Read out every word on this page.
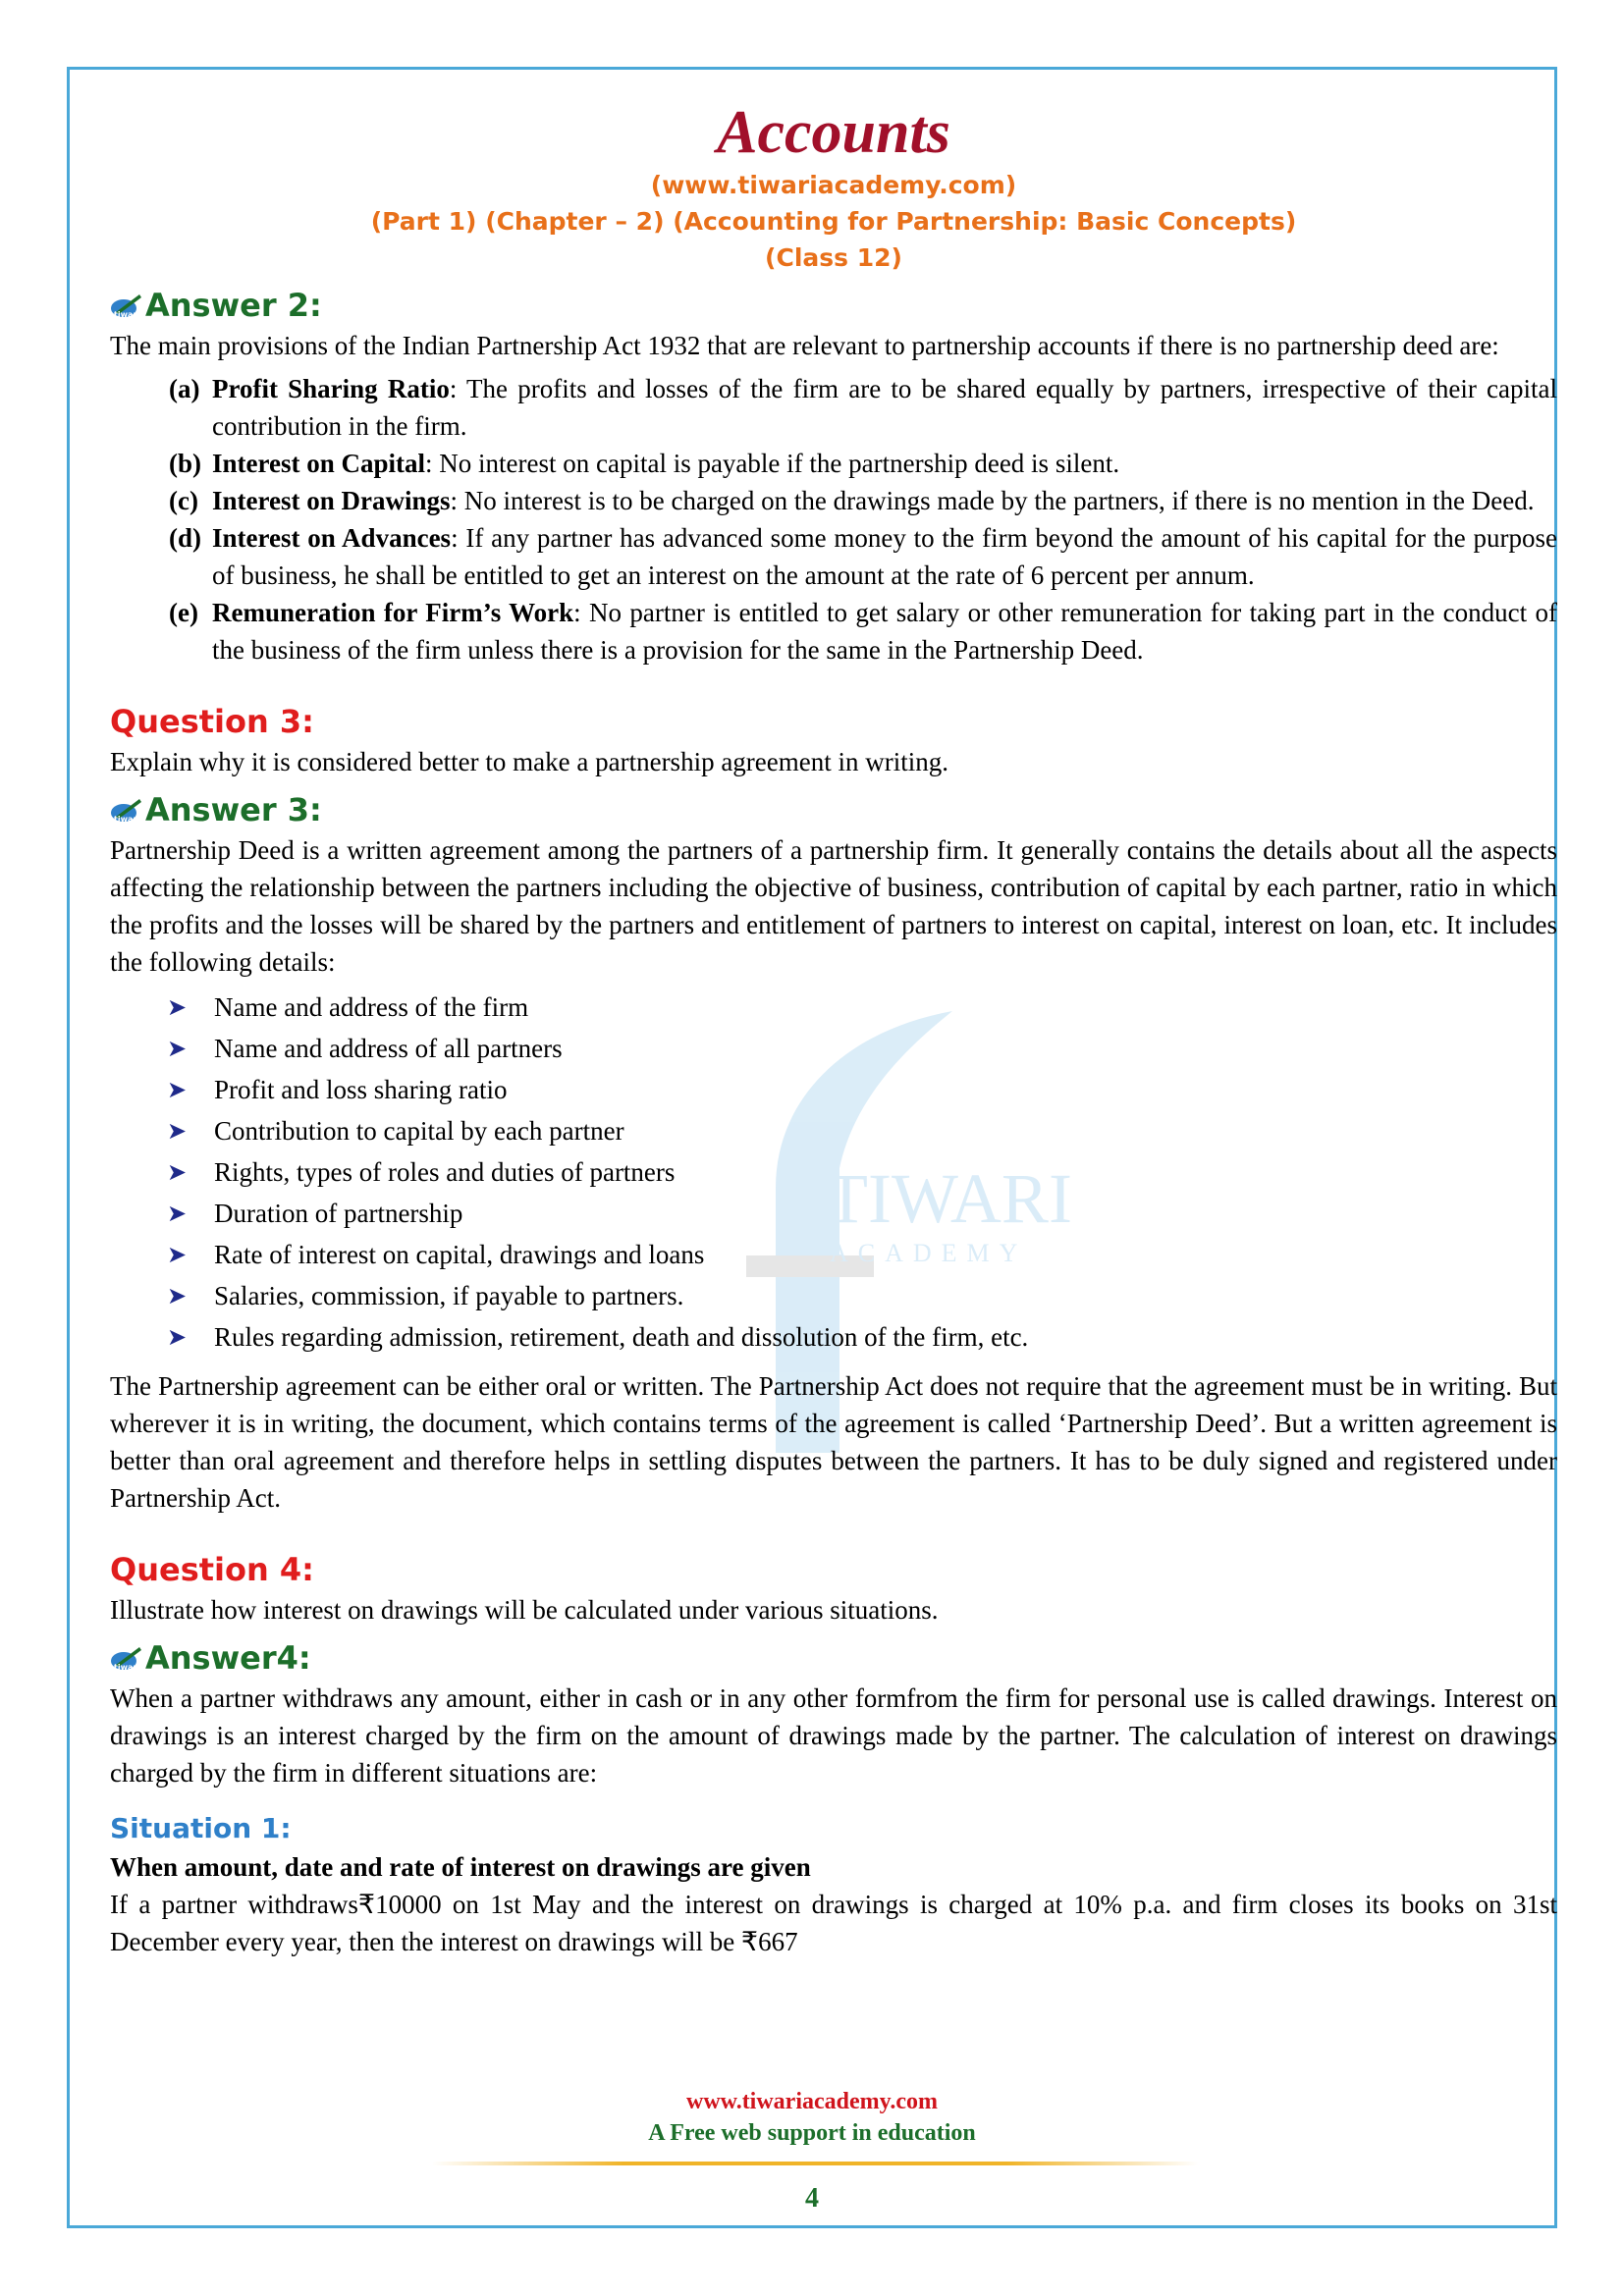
TIWARI
ACADEMY
Accounts
(www.tiwariacademy.com)
(Part 1) (Chapter – 2) (Accounting for Partnership: Basic Concepts)
(Class 12)
tiwari Answer 2:

The main provisions of the Indian Partnership Act 1932 that are relevant to partnership accounts if there is no partnership deed are:

(a) Profit Sharing Ratio: The profits and losses of the firm are to be shared equally by partners, irrespective of their capital contribution in the firm.
(b) Interest on Capital: No interest on capital is payable if the partnership deed is silent.
(c) Interest on Drawings: No interest is to be charged on the drawings made by the partners, if there is no mention in the Deed.
(d) Interest on Advances: If any partner has advanced some money to the firm beyond the amount of his capital for the purpose of business, he shall be entitled to get an interest on the amount at the rate of 6 percent per annum.
(e) Remuneration for Firm’s Work: No partner is entitled to get salary or other remuneration for taking part in the conduct of the business of the firm unless there is a provision for the same in the Partnership Deed.
Question 3:

Explain why it is considered better to make a partnership agreement in writing.

tiwari Answer 3:

Partnership Deed is a written agreement among the partners of a partnership firm. It generally contains the details about all the aspects affecting the relationship between the partners including the objective of business, contribution of capital by each partner, ratio in which the profits and the losses will be shared by the partners and entitlement of partners to interest on capital, interest on loan, etc. It includes the following details:

➤	Name and address of the firm
➤	Name and address of all partners
➤	Profit and loss sharing ratio
➤	Contribution to capital by each partner
➤	Rights, types of roles and duties of partners
➤	Duration of partnership
➤	Rate of interest on capital, drawings and loans
➤	Salaries, commission, if payable to partners.
➤	Rules regarding admission, retirement, death and dissolution of the firm, etc.

The Partnership agreement can be either oral or written. The Partnership Act does not require that the agreement must be in writing. But wherever it is in writing, the document, which contains terms of the agreement is called ‘Partnership Deed’. But a written agreement is better than oral agreement and therefore helps in settling disputes between the partners. It has to be duly signed and registered under Partnership Act.

Question 4:

Illustrate how interest on drawings will be calculated under various situations.

tiwari Answer4:

When a partner withdraws any amount, either in cash or in any other formfrom the firm for personal use is called drawings. Interest on drawings is an interest charged by the firm on the amount of drawings made by the partner. The calculation of interest on drawings charged by the firm in different situations are:

Situation 1:

When amount, date and rate of interest on drawings are given

If a partner withdraws₹10000 on 1st May and the interest on drawings is charged at 10% p.a. and firm closes its books on 31st December every year, then the interest on drawings will be ₹667

www.tiwariacademy.com
A Free web support in education
4
